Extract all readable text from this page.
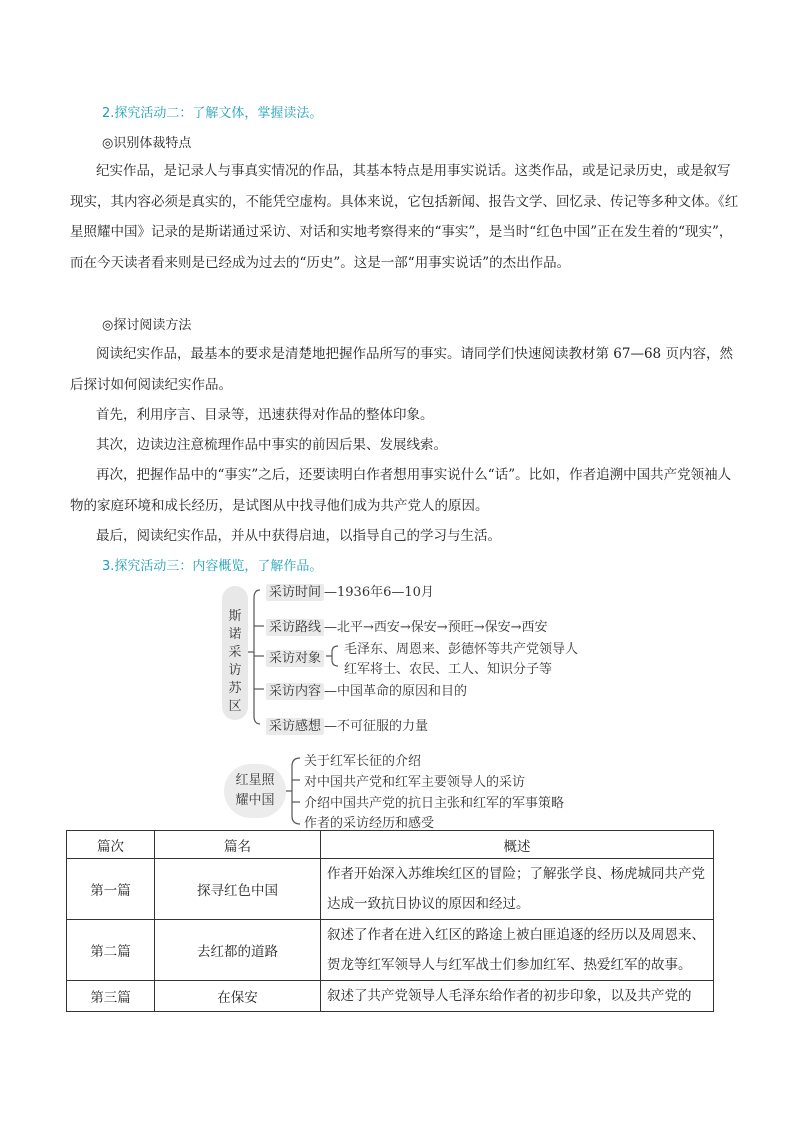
2.探究活动二：了解文体，掌握读法。
◎识别体裁特点
纪实作品，是记录人与事真实情况的作品，其基本特点是用事实说话。这类作品，或是记录历史，或是叙写现实，其内容必须是真实的，不能凭空虚构。具体来说，它包括新闻、报告文学、回忆录、传记等多种文体。《红星照耀中国》记录的是斯诺通过采访、对话和实地考察得来的“事实”，是当时“红色中国”正在发生着的“现实”，而在今天读者看来则是已经成为过去的“历史”。这是一部“用事实说话”的杰出作品。
◎探讨阅读方法
阅读纪实作品，最基本的要求是清楚地把握作品所写的事实。请同学们快速阅读教材第 67—68 页内容，然后探讨如何阅读纪实作品。
首先，利用序言、目录等，迅速获得对作品的整体印象。
其次，边读边注意梳理作品中事实的前因后果、发展线索。
再次，把握作品中的“事实”之后，还要读明白作者想用事实说什么“话”。比如，作者追溯中国共产党领袖人物的家庭环境和成长经历，是试图从中找寻他们成为共产党人的原因。
最后，阅读纪实作品，并从中获得启迪，以指导自己的学习与生活。
3.探究活动三：内容概览，了解作品。
斯诺采访苏区
采访时间 —1936年6—10月
采访路线 —北平→西安→保安→预旺→保安→西安
采访对象
毛泽东、周恩来、彭德怀等共产党领导人
红军将士、农民、工人、知识分子等
采访内容 —中国革命的原因和目的
采访感想 —不可征服的力量
红星照
耀中国
关于红军长征的介绍
对中国共产党和红军主要领导人的采访
介绍中国共产党的抗日主张和红军的军事策略
作者的采访经历和感受
篇次	篇名	概述
第一篇	探寻红色中国	作者开始深入苏维埃红区的冒险；了解张学良、杨虎城同共产党达成一致抗日协议的原因和经过。
第二篇	去红都的道路	叙述了作者在进入红区的路途上被白匪追逐的经历以及周恩来、贺龙等红军领导人与红军战士们参加红军、热爱红军的故事。
第三篇	在保安	叙述了共产党领导人毛泽东给作者的初步印象，以及共产党的
